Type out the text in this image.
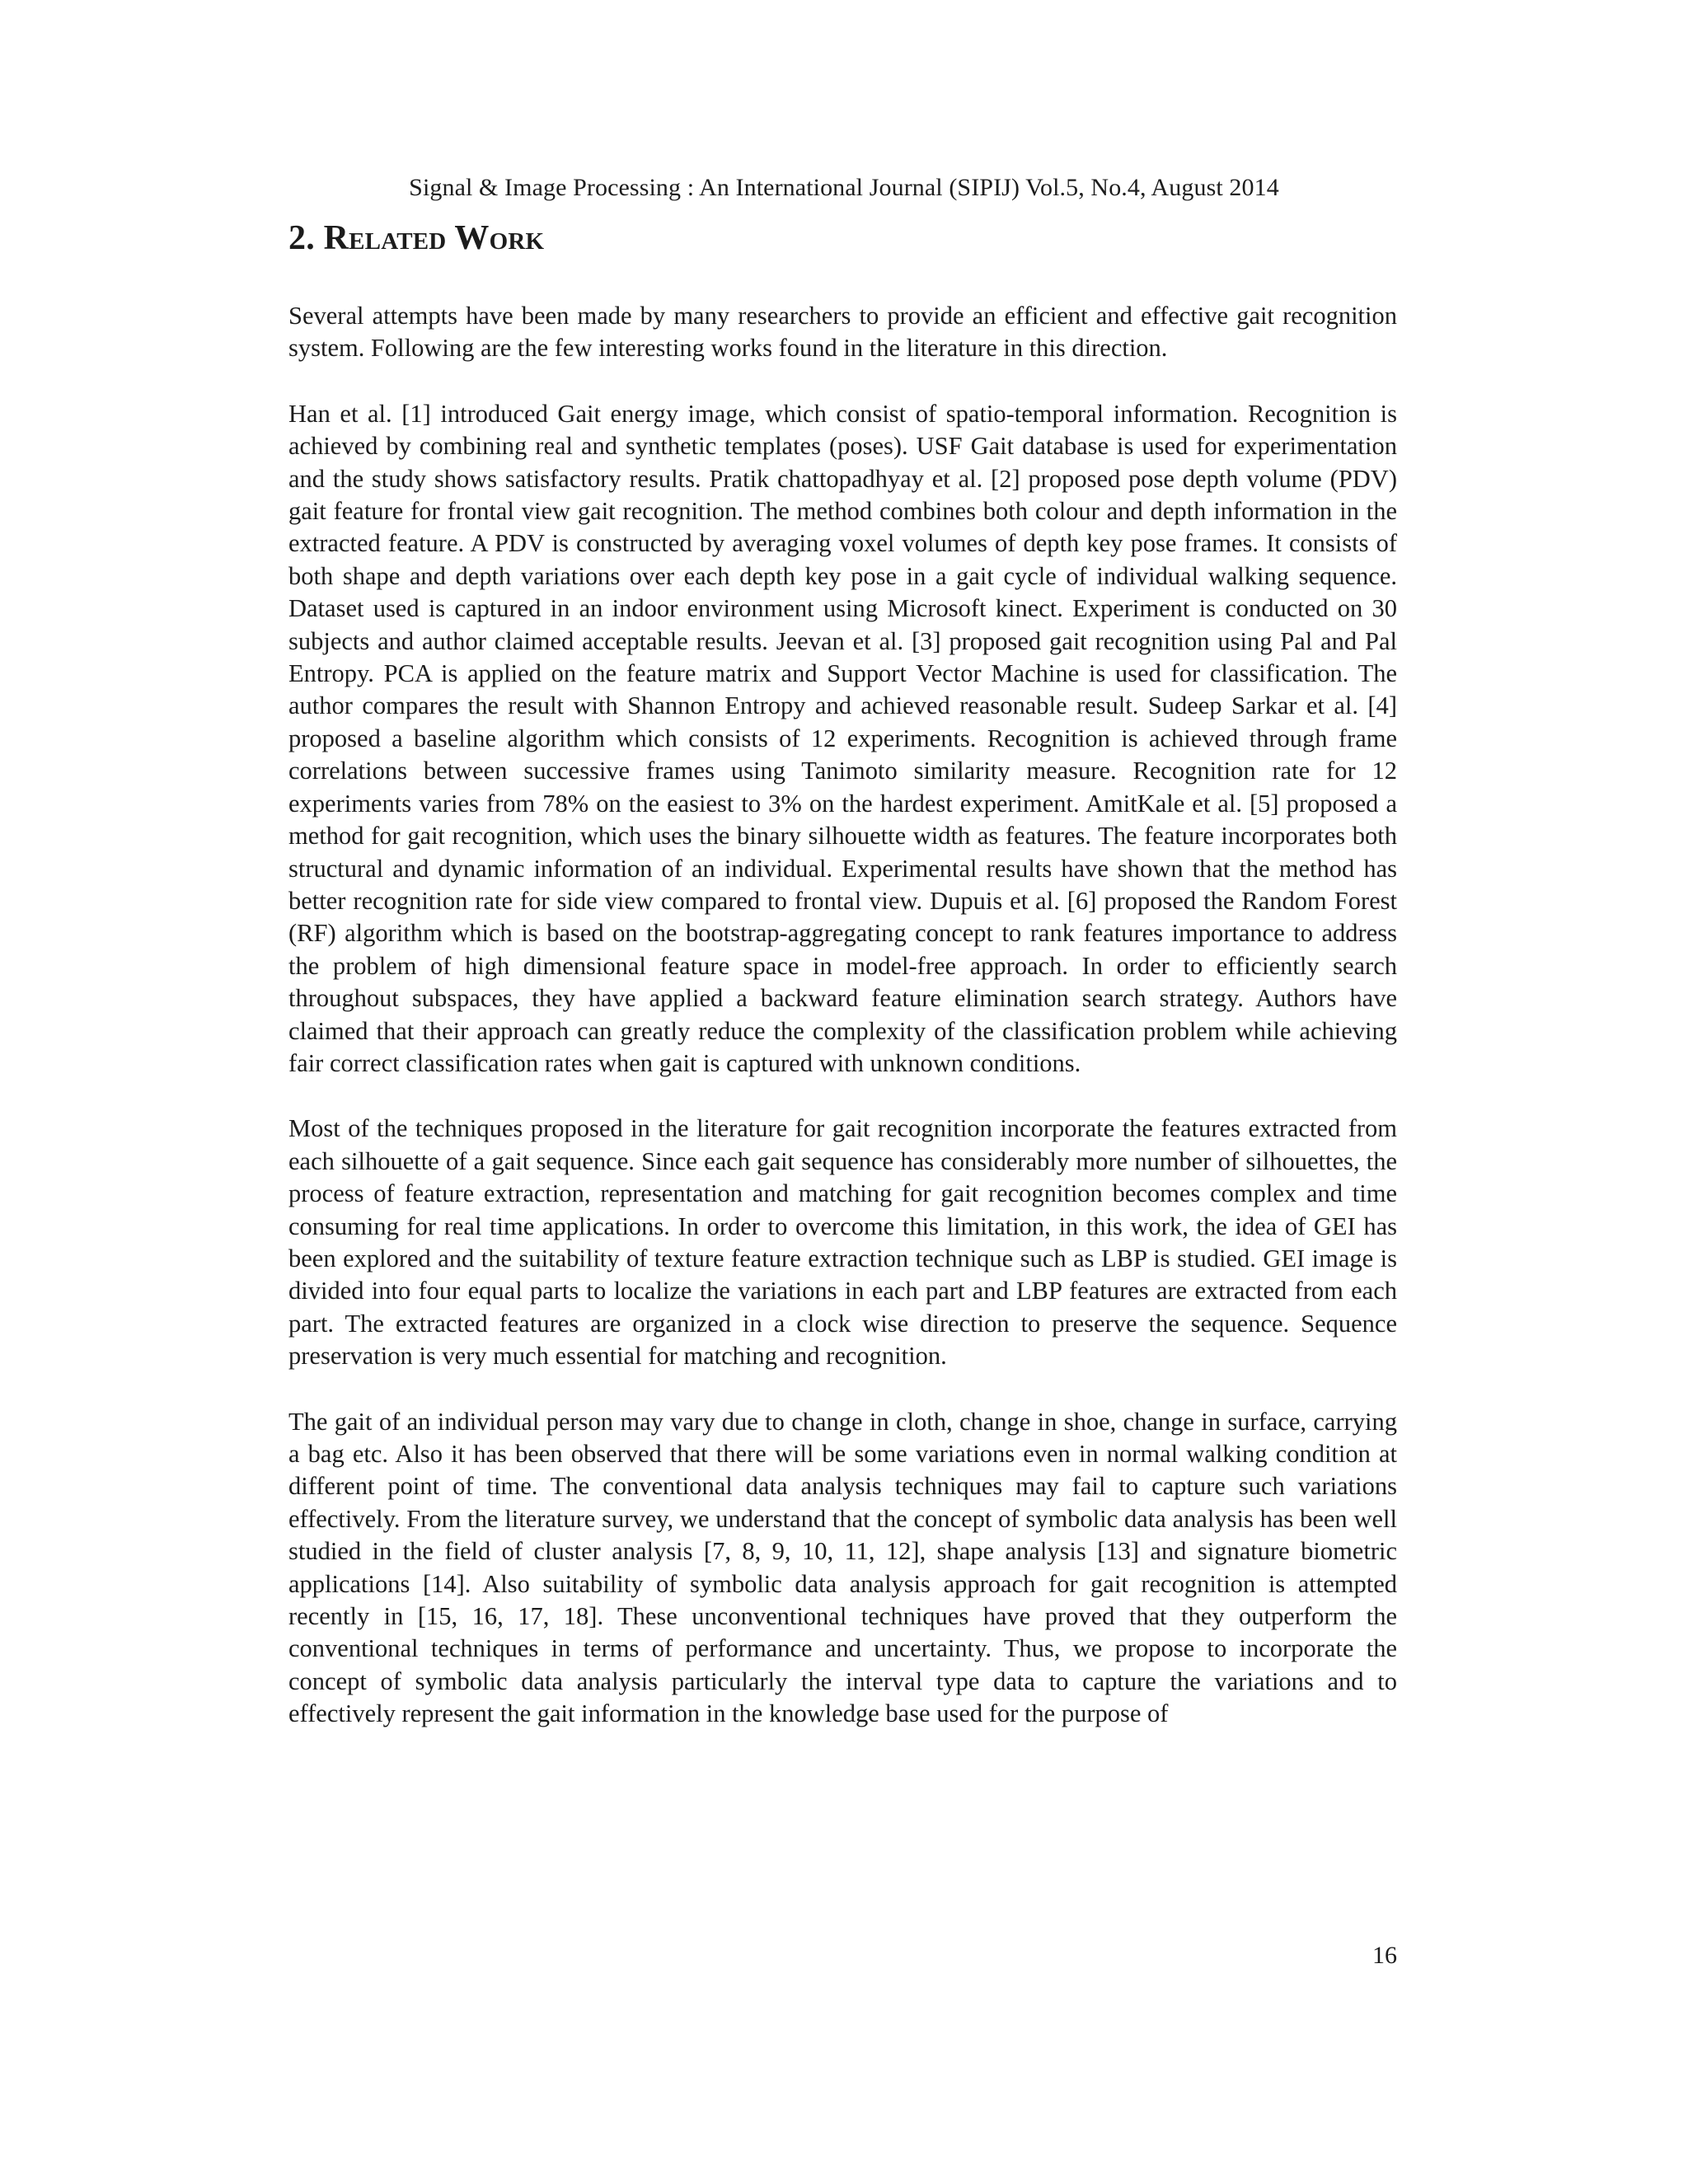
Signal & Image Processing : An International Journal (SIPIJ) Vol.5, No.4, August 2014
2. Related Work

Several attempts have been made by many researchers to provide an efficient and effective gait recognition system. Following are the few interesting works found in the literature in this direction.

Han et al. [1] introduced Gait energy image, which consist of spatio-temporal information. Recognition is achieved by combining real and synthetic templates (poses). USF Gait database is used for experimentation and the study shows satisfactory results. Pratik chattopadhyay et al. [2] proposed pose depth volume (PDV) gait feature for frontal view gait recognition. The method combines both colour and depth information in the extracted feature. A PDV is constructed by averaging voxel volumes of depth key pose frames. It consists of both shape and depth variations over each depth key pose in a gait cycle of individual walking sequence. Dataset used is captured in an indoor environment using Microsoft kinect. Experiment is conducted on 30 subjects and author claimed acceptable results. Jeevan et al. [3] proposed gait recognition using Pal and Pal Entropy. PCA is applied on the feature matrix and Support Vector Machine is used for classification. The author compares the result with Shannon Entropy and achieved reasonable result. Sudeep Sarkar et al. [4] proposed a baseline algorithm which consists of 12 experiments. Recognition is achieved through frame correlations between successive frames using Tanimoto similarity measure. Recognition rate for 12 experiments varies from 78% on the easiest to 3% on the hardest experiment. AmitKale et al. [5] proposed a method for gait recognition, which uses the binary silhouette width as features. The feature incorporates both structural and dynamic information of an individual. Experimental results have shown that the method has better recognition rate for side view compared to frontal view. Dupuis et al. [6] proposed the Random Forest (RF) algorithm which is based on the bootstrap-aggregating concept to rank features importance to address the problem of high dimensional feature space in model-free approach. In order to efficiently search throughout subspaces, they have applied a backward feature elimination search strategy. Authors have claimed that their approach can greatly reduce the complexity of the classification problem while achieving fair correct classification rates when gait is captured with unknown conditions.

Most of the techniques proposed in the literature for gait recognition incorporate the features extracted from each silhouette of a gait sequence. Since each gait sequence has considerably more number of silhouettes, the process of feature extraction, representation and matching for gait recognition becomes complex and time consuming for real time applications. In order to overcome this limitation, in this work, the idea of GEI has been explored and the suitability of texture feature extraction technique such as LBP is studied. GEI image is divided into four equal parts to localize the variations in each part and LBP features are extracted from each part. The extracted features are organized in a clock wise direction to preserve the sequence. Sequence preservation is very much essential for matching and recognition.

The gait of an individual person may vary due to change in cloth, change in shoe, change in surface, carrying a bag etc. Also it has been observed that there will be some variations even in normal walking condition at different point of time. The conventional data analysis techniques may fail to capture such variations effectively. From the literature survey, we understand that the concept of symbolic data analysis has been well studied in the field of cluster analysis [7, 8, 9, 10, 11, 12], shape analysis [13] and signature biometric applications [14]. Also suitability of symbolic data analysis approach for gait recognition is attempted recently in [15, 16, 17, 18]. These unconventional techniques have proved that they outperform the conventional techniques in terms of performance and uncertainty. Thus, we propose to incorporate the concept of symbolic data analysis particularly the interval type data to capture the variations and to effectively represent the gait information in the knowledge base used for the purpose of

16
